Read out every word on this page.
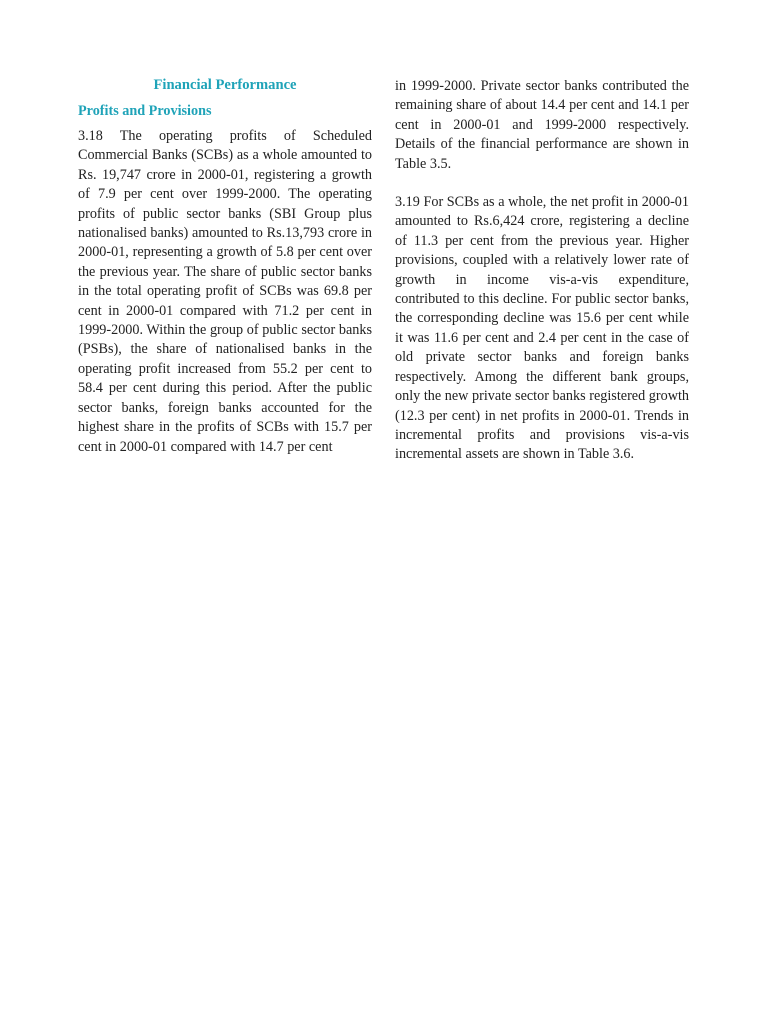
Financial Performance
Profits and Provisions

3.18 The operating profits of Scheduled Commercial Banks (SCBs) as a whole amounted to Rs. 19,747 crore in 2000-01, registering a growth of 7.9 per cent over 1999-2000. The operating profits of public sector banks (SBI Group plus nationalised banks) amounted to Rs.13,793 crore in 2000-01, representing a growth of 5.8 per cent over the previous year. The share of public sector banks in the total operating profit of SCBs was 69.8 per cent in 2000-01 compared with 71.2 per cent in 1999-2000. Within the group of public sector banks (PSBs), the share of nationalised banks in the operating profit increased from 55.2 per cent to 58.4 per cent during this period. After the public sector banks, foreign banks accounted for the highest share in the profits of SCBs with 15.7 per cent in 2000-01 compared with 14.7 per cent

in 1999-2000. Private sector banks contributed the remaining share of about 14.4 per cent and 14.1 per cent in 2000-01 and 1999-2000 respectively. Details of the financial performance are shown in Table 3.5.

3.19 For SCBs as a whole, the net profit in 2000-01 amounted to Rs.6,424 crore, registering a decline of 11.3 per cent from the previous year. Higher provisions, coupled with a relatively lower rate of growth in income vis-a-vis expenditure, contributed to this decline. For public sector banks, the corresponding decline was 15.6 per cent while it was 11.6 per cent and 2.4 per cent in the case of old private sector banks and foreign banks respectively. Among the different bank groups, only the new private sector banks registered growth (12.3 per cent) in net profits in 2000-01. Trends in incremental profits and provisions vis-a-vis incremental assets are shown in Table 3.6.
